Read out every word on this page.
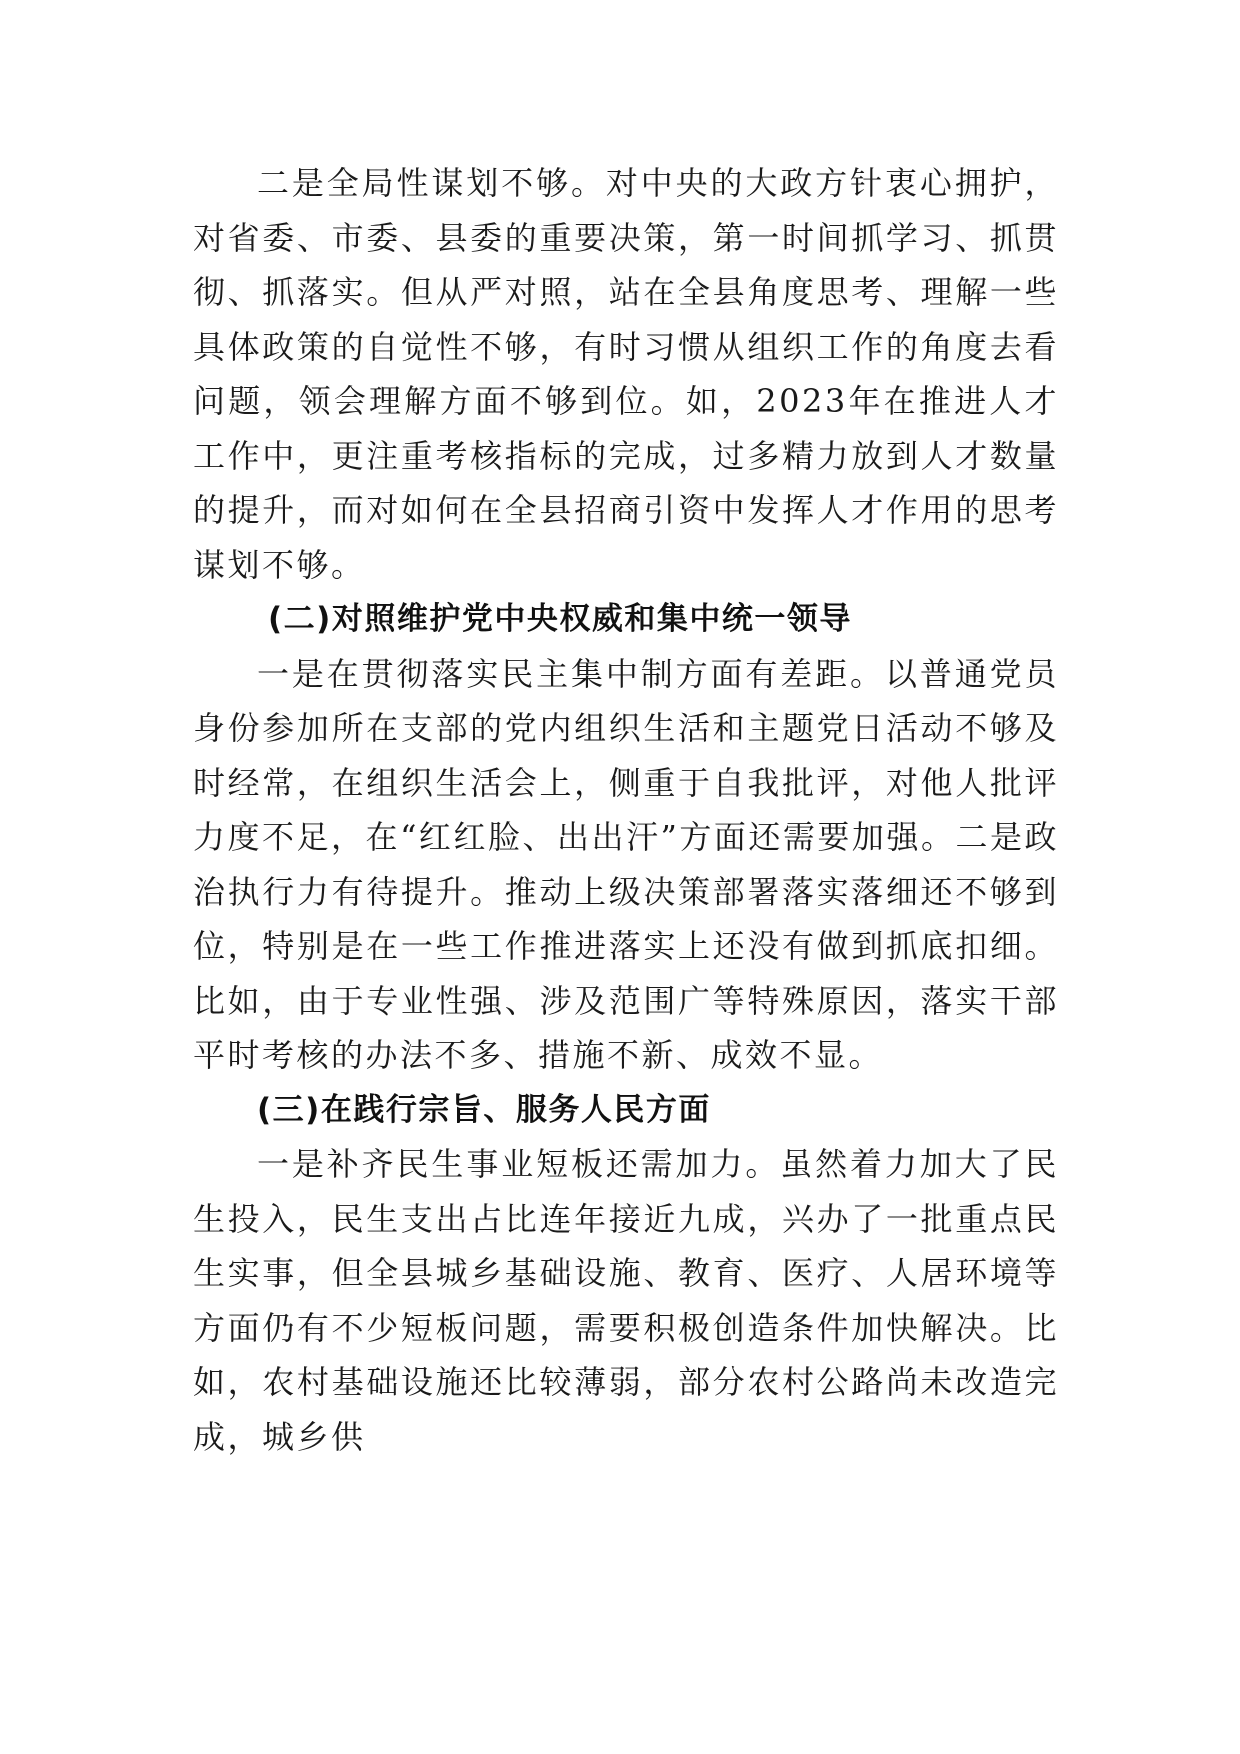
二是全局性谋划不够。对中央的大政方针衷心拥护，对省委、市委、县委的重要决策，第一时间抓学习、抓贯彻、抓落实。但从严对照，站在全县角度思考、理解一些具体政策的自觉性不够，有时习惯从组织工作的角度去看问题，领会理解方面不够到位。如，2023年在推进人才工作中，更注重考核指标的完成，过多精力放到人才数量的提升，而对如何在全县招商引资中发挥人才作用的思考谋划不够。

(二)对照维护党中央权威和集中统一领导

一是在贯彻落实民主集中制方面有差距。以普通党员身份参加所在支部的党内组织生活和主题党日活动不够及时经常，在组织生活会上，侧重于自我批评，对他人批评力度不足，在“红红脸、出出汗”方面还需要加强。二是政治执行力有待提升。推动上级决策部署落实落细还不够到位，特别是在一些工作推进落实上还没有做到抓底扣细。比如，由于专业性强、涉及范围广等特殊原因，落实干部平时考核的办法不多、措施不新、成效不显。

(三)在践行宗旨、服务人民方面

一是补齐民生事业短板还需加力。虽然着力加大了民生投入，民生支出占比连年接近九成，兴办了一批重点民生实事，但全县城乡基础设施、教育、医疗、人居环境等方面仍有不少短板问题，需要积极创造条件加快解决。比如，农村基础设施还比较薄弱，部分农村公路尚未改造完成，城乡供
